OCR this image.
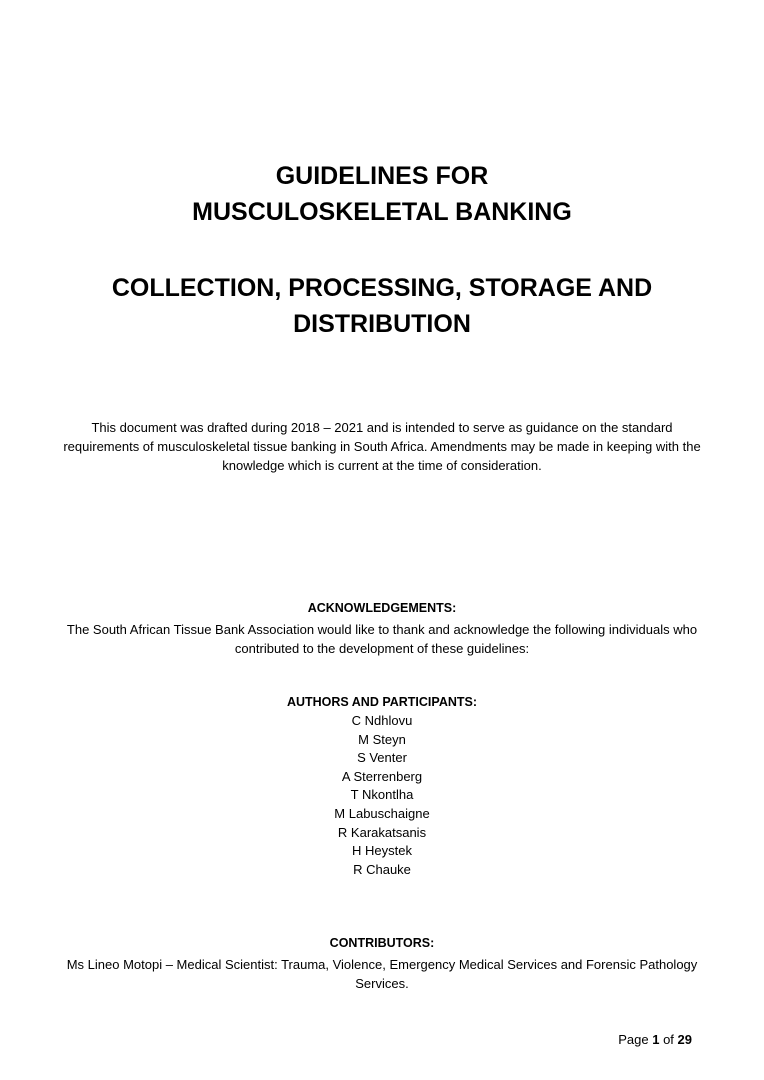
GUIDELINES FOR
MUSCULOSKELETAL BANKING
COLLECTION, PROCESSING, STORAGE AND
DISTRIBUTION

This document was drafted during 2018 – 2021 and is intended to serve as guidance on the standard requirements of musculoskeletal tissue banking in South Africa. Amendments may be made in keeping with the knowledge which is current at the time of consideration.

ACKNOWLEDGEMENTS:

The South African Tissue Bank Association would like to thank and acknowledge the following individuals who contributed to the development of these guidelines:

AUTHORS AND PARTICIPANTS:
C Ndhlovu
M Steyn
S Venter
A Sterrenberg
T Nkontlha
M Labuschaigne
R Karakatsanis
H Heystek
R Chauke
CONTRIBUTORS:

Ms Lineo Motopi – Medical Scientist: Trauma, Violence, Emergency Medical Services and Forensic Pathology Services.

Page 1 of 29
